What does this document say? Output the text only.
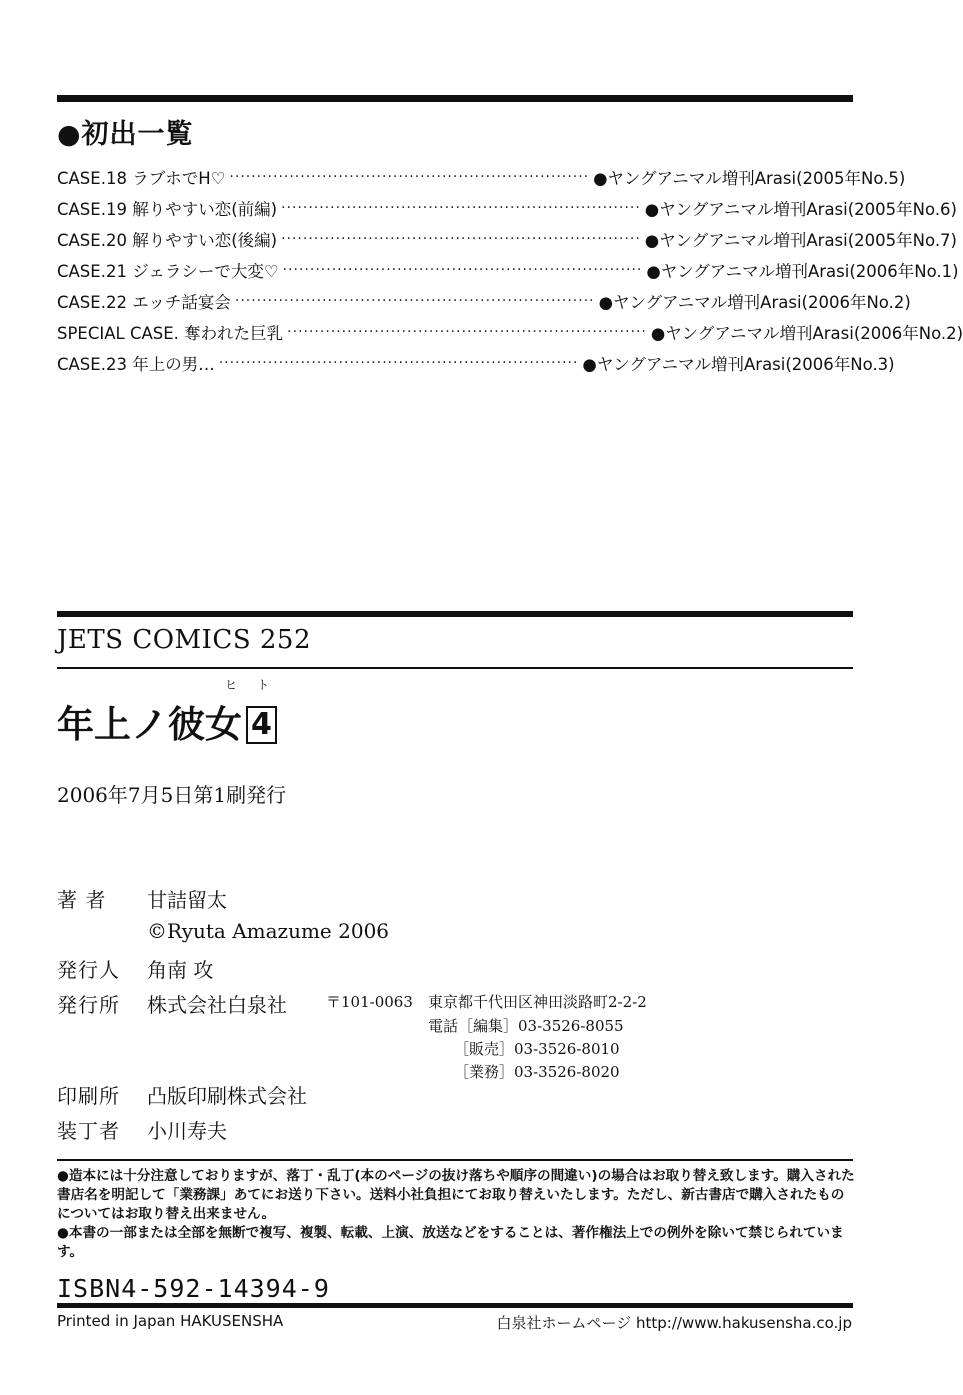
●初出一覧
CASE.18 ラブホでH♡ ·································································· ●ヤングアニマル増刊Arasi(2005年No.5)
CASE.19 解りやすい恋(前編) ·································································· ●ヤングアニマル増刊Arasi(2005年No.6)
CASE.20 解りやすい恋(後編) ·································································· ●ヤングアニマル増刊Arasi(2005年No.7)
CASE.21 ジェラシーで大変♡ ·································································· ●ヤングアニマル増刊Arasi(2006年No.1)
CASE.22 エッチ話宴会 ·································································· ●ヤングアニマル増刊Arasi(2006年No.2)
SPECIAL CASE. 奪われた巨乳 ·································································· ●ヤングアニマル増刊Arasi(2006年No.2)
CASE.23 年上の男… ·································································· ●ヤングアニマル増刊Arasi(2006年No.3)
JETS COMICS 252
ヒト
年上ノ彼女 4
2006年7月5日第1刷発行
著 者 甘詰留太
©Ryuta Amazume 2006
発行人 角南 攻
発行所 株式会社白泉社	〒101-0063 東京都千代田区神田淡路町2-2-2
電話［編集］03-3526-8055
［販売］03-3526-8010
［業務］03-3526-8020
印刷所 凸版印刷株式会社
装丁者 小川寿夫
●造本には十分注意しておりますが、落丁・乱丁(本のページの抜け落ちや順序の間違い)の場合はお取り替え致します。購入された書店名を明記して「業務課」あてにお送り下さい。送料小社負担にてお取り替えいたします。ただし、新古書店で購入されたものについてはお取り替え出来ません。
●本書の一部または全部を無断で複写、複製、転載、上演、放送などをすることは、著作権法上での例外を除いて禁じられています。
ISBN4-592-14394-9
Printed in Japan HAKUSENSHA	白泉社ホームページ http://www.hakusensha.co.jp
